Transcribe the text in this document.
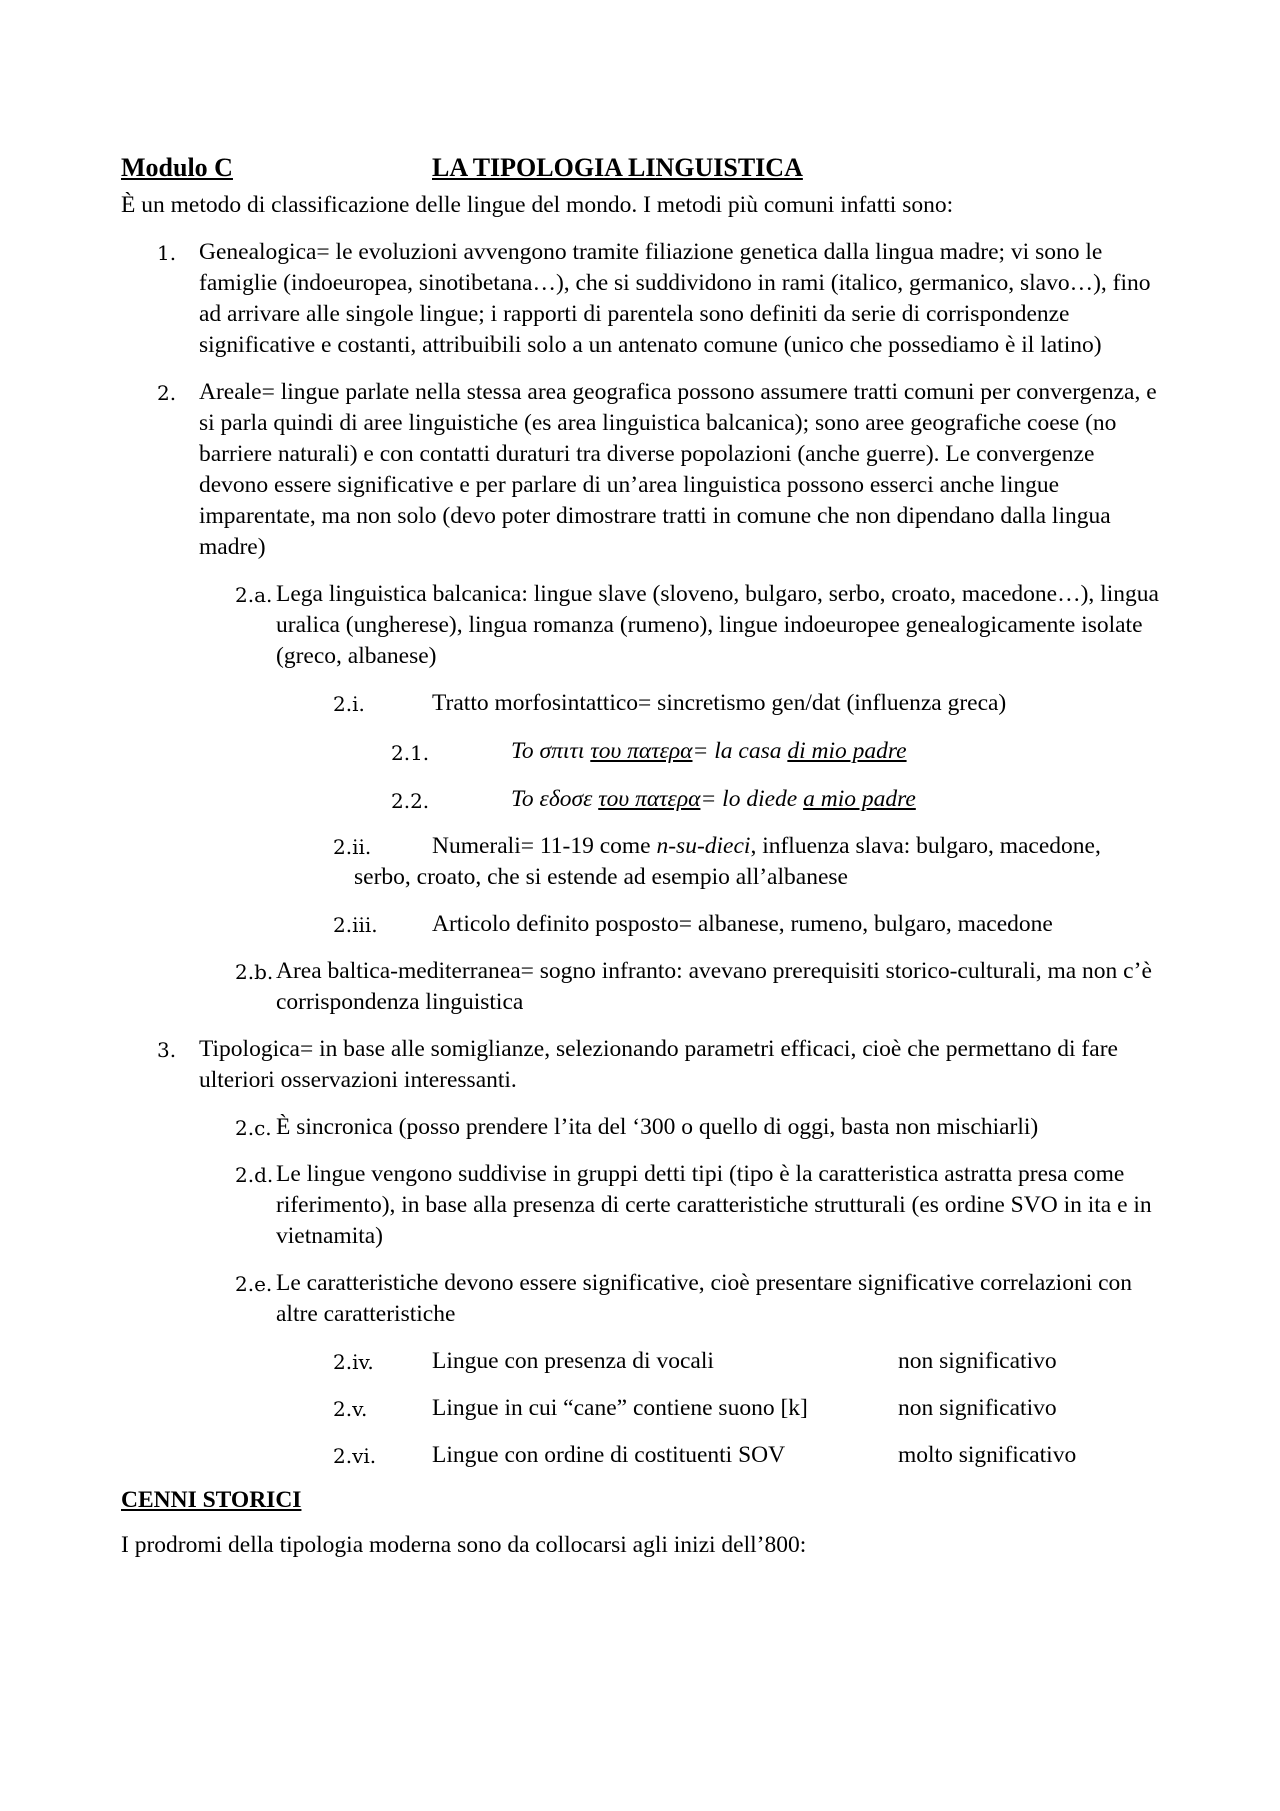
Modulo C	LA TIPOLOGIA LINGUISTICA

È un metodo di classificazione delle lingue del mondo. I metodi più comuni infatti sono:

1. Genealogica= le evoluzioni avvengono tramite filiazione genetica dalla lingua madre; vi sono le famiglie (indoeuropea, sinotibetana…), che si suddividono in rami (italico, germanico, slavo…), fino ad arrivare alle singole lingue; i rapporti di parentela sono definiti da serie di corrispondenze significative e costanti, attribuibili solo a un antenato comune (unico che possediamo è il latino)
2. Areale= lingue parlate nella stessa area geografica possono assumere tratti comuni per convergenza, e si parla quindi di aree linguistiche (es area linguistica balcanica); sono aree geografiche coese (no barriere naturali) e con contatti duraturi tra diverse popolazioni (anche guerre). Le convergenze devono essere significative e per parlare di un’area linguistica possono esserci anche lingue imparentate, ma non solo (devo poter dimostrare tratti in comune che non dipendano dalla lingua madre)
2.a. Lega linguistica balcanica: lingue slave (sloveno, bulgaro, serbo, croato, macedone…), lingua uralica (ungherese), lingua romanza (rumeno), lingue indoeuropee genealogicamente isolate (greco, albanese)
2.i.	Tratto morfosintattico= sincretismo gen/dat (influenza greca)
2.1.	Το σπιτι του πατερα= la casa di mio padre
2.2.	Το εδοσε του πατερα= lo diede a mio padre
2.ii.	Numerali= 11-19 come n-su-dieci, influenza slava: bulgaro, macedone, serbo, croato, che si estende ad esempio all’albanese
2.iii. Articolo definito posposto= albanese, rumeno, bulgaro, macedone
2.b. Area baltica-mediterranea= sogno infranto: avevano prerequisiti storico-culturali, ma non c’è corrispondenza linguistica
3. Tipologica= in base alle somiglianze, selezionando parametri efficaci, cioè che permettano di fare ulteriori osservazioni interessanti.
2.c. È sincronica (posso prendere l’ita del ‘300 o quello di oggi, basta non mischiarli)
2.d. Le lingue vengono suddivise in gruppi detti tipi (tipo è la caratteristica astratta presa come riferimento), in base alla presenza di certe caratteristiche strutturali (es ordine SVO in ita e in vietnamita)
2.e. Le caratteristiche devono essere significative, cioè presentare significative correlazioni con altre caratteristiche
2.iv. Lingue con presenza di vocali	non significativo
2.v.	Lingue in cui “cane” contiene suono [k]	non significativo
2.vi. Lingue con ordine di costituenti SOV	molto significativo

CENNI STORICI

I prodromi della tipologia moderna sono da collocarsi agli inizi dell’800:
